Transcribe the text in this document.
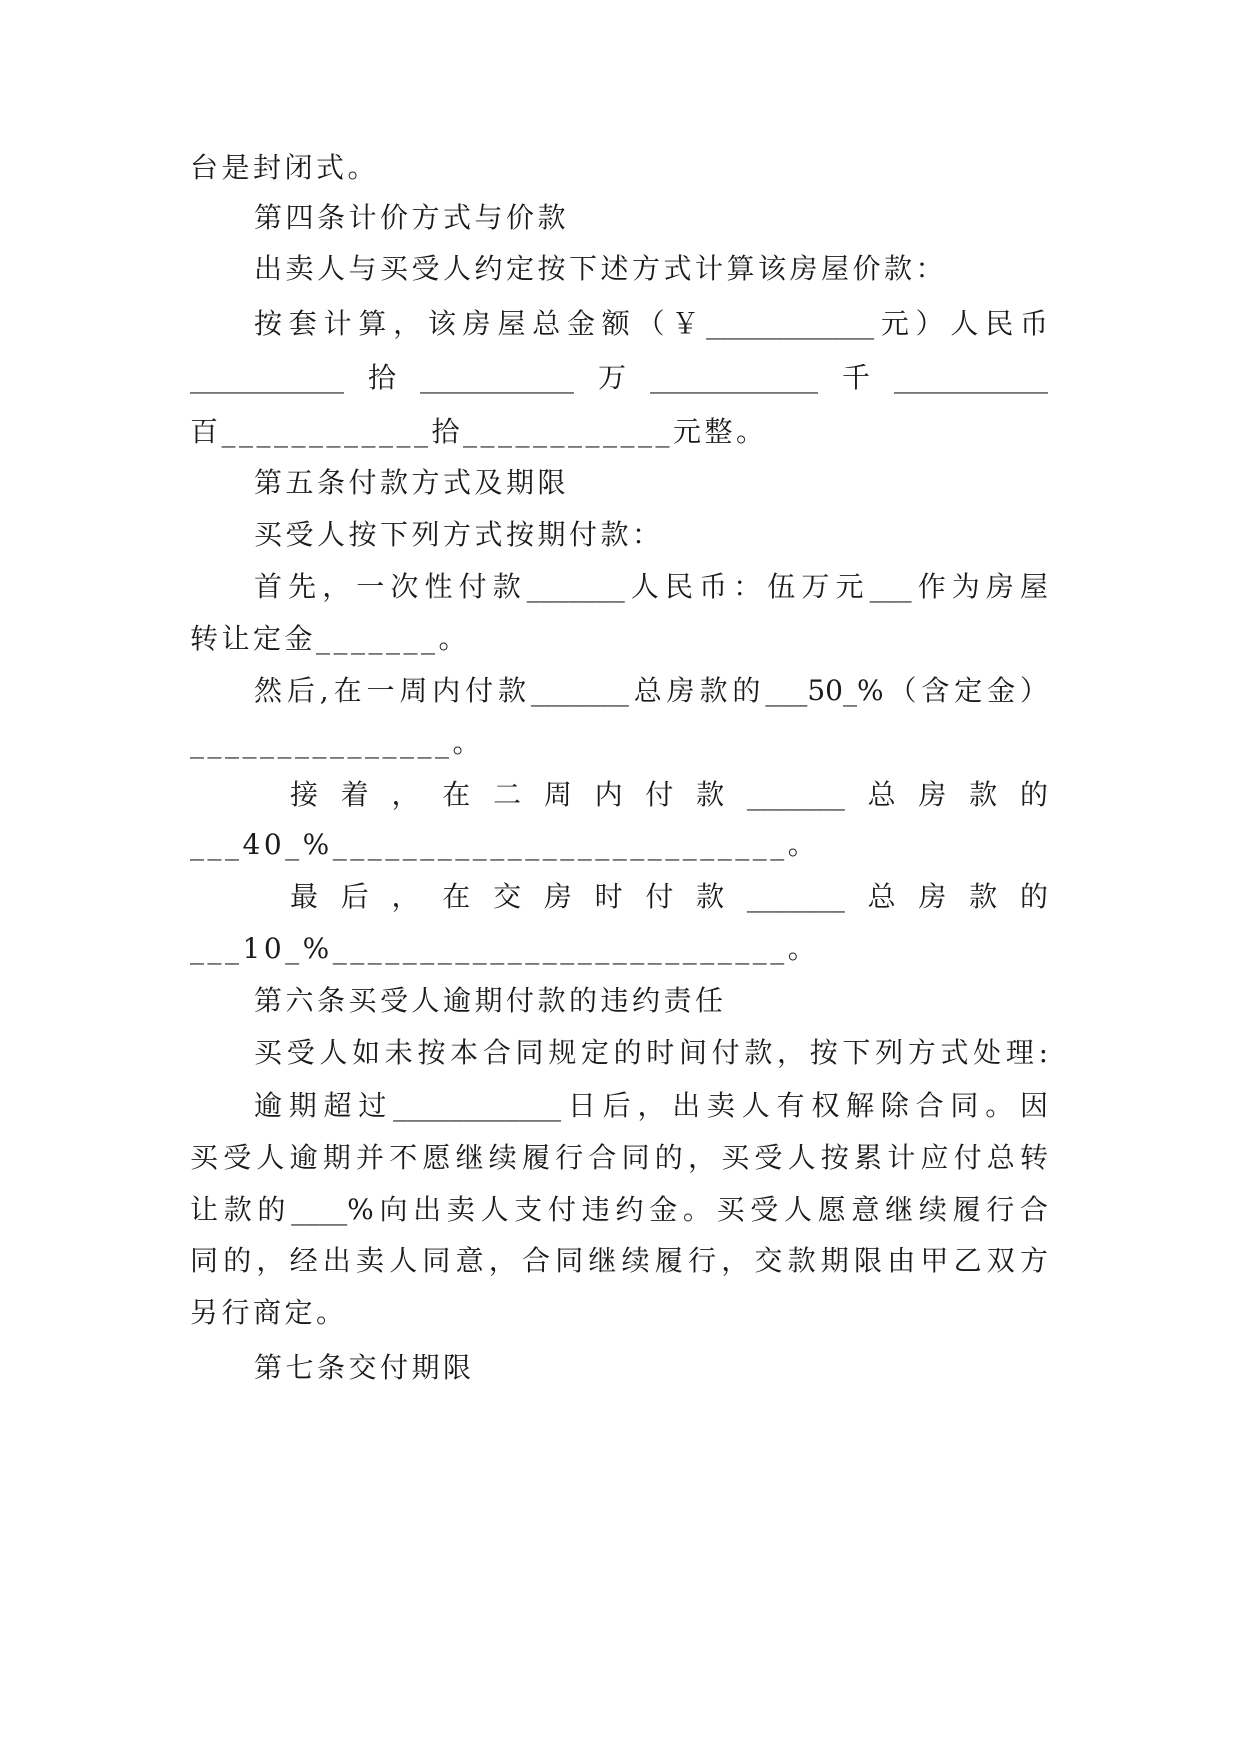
台是封闭式。
第四条计价方式与价款
出卖人与买受人约定按下述方式计算该房屋价款：
按套计算，该房屋总金额（￥____________元）人民币
___________拾___________万____________千___________
百____________拾____________元整。
第五条付款方式及期限
买受人按下列方式按期付款：
首先，一次性付款_______人民币：伍万元___作为房屋
转让定金_______。
然后,在一周内付款_______总房款的___50_%（含定金）
_______________。
接 着 ， 在 二 周 内 付 款 _______ 总 房 款 的
___40_%__________________________。
最 后 ， 在 交 房 时 付 款 _______ 总 房 款 的
___10_%__________________________。
第六条买受人逾期付款的违约责任
买受人如未按本合同规定的时间付款，按下列方式处理:
逾期超过____________日后，出卖人有权解除合同。因
买受人逾期并不愿继续履行合同的，买受人按累计应付总转
让款的____%向出卖人支付违约金。买受人愿意继续履行合
同的，经出卖人同意，合同继续履行，交款期限由甲乙双方
另行商定。
第七条交付期限
